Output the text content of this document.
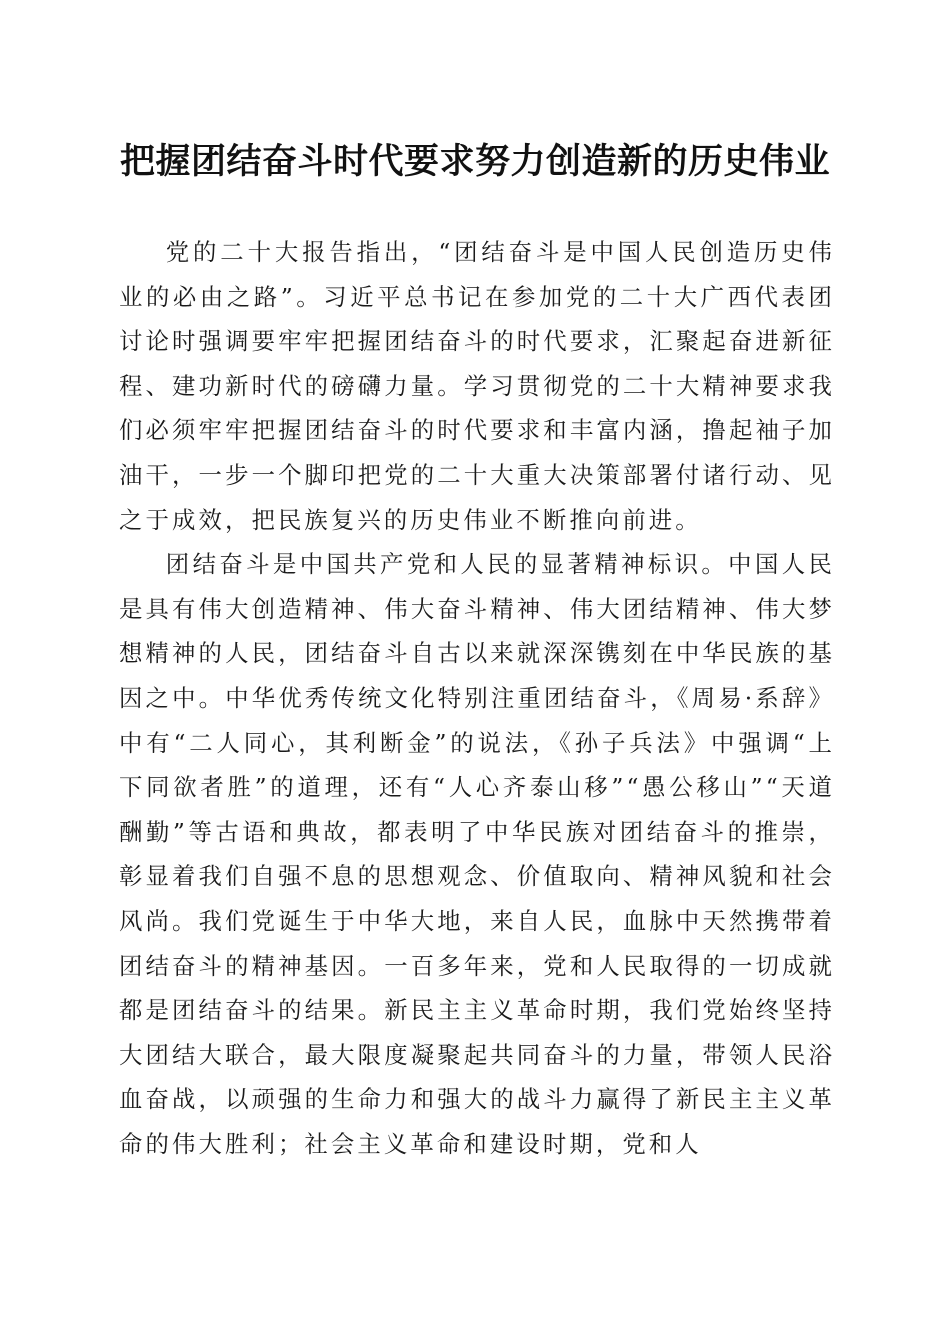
把握团结奋斗时代要求努力创造新的历史伟业

党的二十大报告指出，“团结奋斗是中国人民创造历史伟业的必由之路”。习近平总书记在参加党的二十大广西代表团讨论时强调要牢牢把握团结奋斗的时代要求，汇聚起奋进新征程、建功新时代的磅礴力量。学习贯彻党的二十大精神要求我们必须牢牢把握团结奋斗的时代要求和丰富内涵，撸起袖子加油干，一步一个脚印把党的二十大重大决策部署付诸行动、见之于成效，把民族复兴的历史伟业不断推向前进。

团结奋斗是中国共产党和人民的显著精神标识。中国人民是具有伟大创造精神、伟大奋斗精神、伟大团结精神、伟大梦想精神的人民，团结奋斗自古以来就深深镌刻在中华民族的基因之中。中华优秀传统文化特别注重团结奋斗，《周易·系辞》中有“二人同心，其利断金”的说法，《孙子兵法》中强调“上下同欲者胜”的道理，还有“人心齐泰山移”“愚公移山”“天道酬勤”等古语和典故，都表明了中华民族对团结奋斗的推崇，彰显着我们自强不息的思想观念、价值取向、精神风貌和社会风尚。我们党诞生于中华大地，来自人民，血脉中天然携带着团结奋斗的精神基因。一百多年来，党和人民取得的一切成就都是团结奋斗的结果。新民主主义革命时期，我们党始终坚持大团结大联合，最大限度凝聚起共同奋斗的力量，带领人民浴血奋战，以顽强的生命力和强大的战斗力赢得了新民主主义革命的伟大胜利；社会主义革命和建设时期，党和人
